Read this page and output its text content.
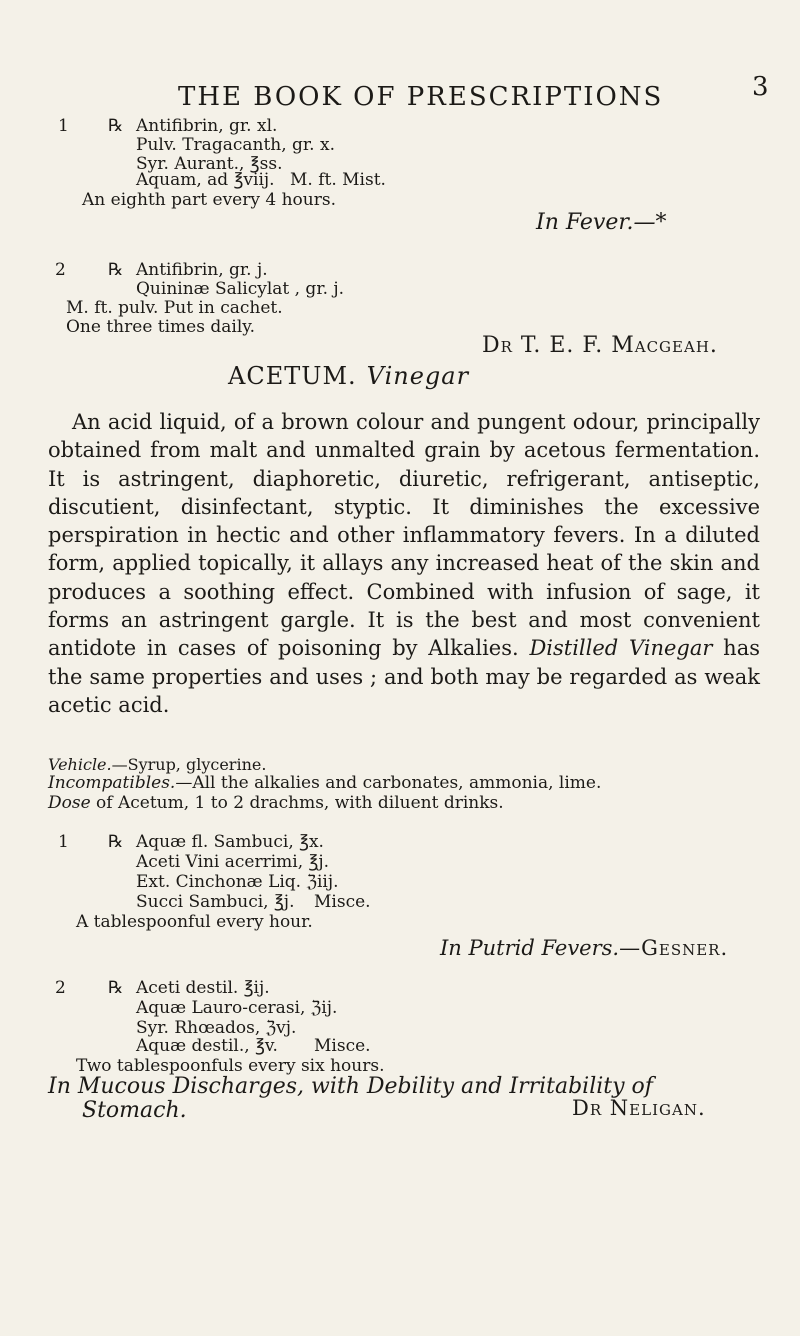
THE BOOK OF PRESCRIPTIONS	3
1 ℞ Antifibrin, gr. xl.
Pulv. Tragacanth, gr. x.
Syr. Aurant., ℥ss.
Aquam, ad ℥viij. M. ft. Mist.
An eighth part every 4 hours.
In Fever.—*
2 ℞ Antifibrin, gr. j.
Quininæ Salicylat , gr. j.
M. ft. pulv. Put in cachet.
One three times daily.
Dr T. E. F. Macgeah.
ACETUM. Vinegar
An acid liquid, of a brown colour and pungent odour, principally obtained from malt and unmalted grain by acetous fermentation. It is astringent, diaphoretic, diuretic, refrigerant, antiseptic, discutient, disinfectant, styptic. It diminishes the excessive perspiration in hectic and other inflammatory fevers. In a diluted form, applied topically, it allays any increased heat of the skin and produces a soothing effect. Combined with infusion of sage, it forms an astringent gargle. It is the best and most convenient antidote in cases of poisoning by Alkalies. Distilled Vinegar has the same properties and uses ; and both may be regarded as weak acetic acid.
Vehicle.—Syrup, glycerine.
Incompatibles.—All the alkalies and carbonates, ammonia, lime.
Dose of Acetum, 1 to 2 drachms, with diluent drinks.
1 ℞ Aquæ fl. Sambuci, ℥x.
Aceti Vini acerrimi, ℥j.
Ext. Cinchonæ Liq. ℨiij.
Succi Sambuci, ℥j. Misce.
A tablespoonful every hour.
In Putrid Fevers.—Gesner.
2 ℞ Aceti destil. ℥ij.
Aquæ Lauro-cerasi, ℨij.
Syr. Rhœados, ℨvj.
Aquæ destil., ℥v. Misce.
Two tablespoonfuls every six hours.
In Mucous Discharges, with Debility and Irritability of
Stomach.	Dr Neligan.
